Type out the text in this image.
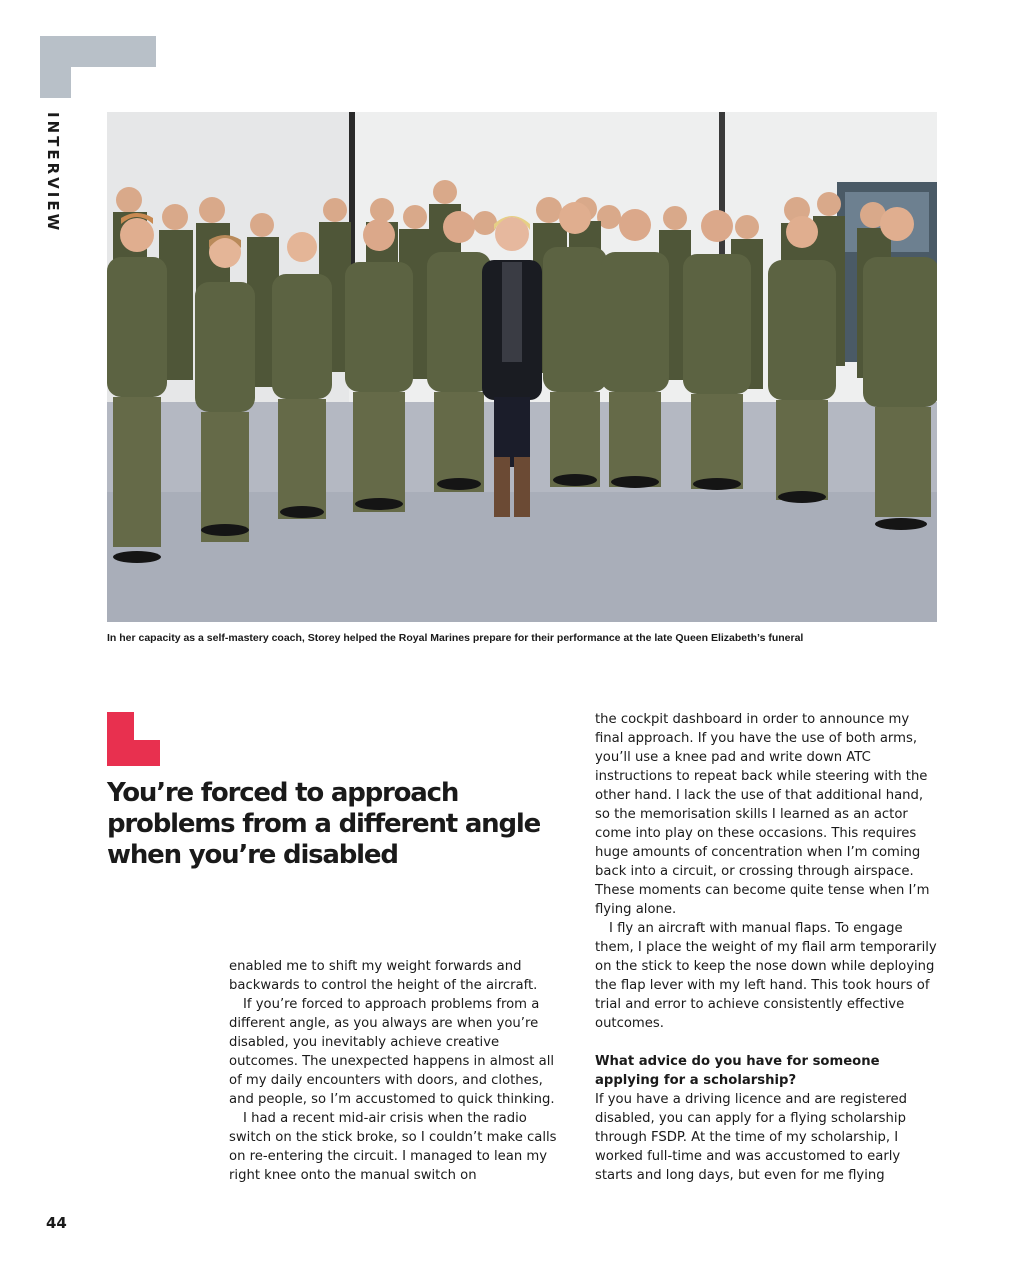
INTERVIEW
In her capacity as a self-mastery coach, Storey helped the Royal Marines prepare for their performance at the late Queen Elizabeth’s funeral
You’re forced to approach problems from a different angle when you’re disabled

enabled me to shift my weight forwards and backwards to control the height of the aircraft.

If you’re forced to approach problems from a different angle, as you always are when you’re disabled, you inevitably achieve creative outcomes. The unexpected happens in almost all of my daily encounters with doors, and clothes, and people, so I’m accustomed to quick thinking.

I had a recent mid-air crisis when the radio switch on the stick broke, so I couldn’t make calls on re-entering the circuit. I managed to lean my right knee onto the manual switch on

the cockpit dashboard in order to announce my final approach. If you have the use of both arms, you’ll use a knee pad and write down ATC instructions to repeat back while steering with the other hand. I lack the use of that additional hand, so the memorisation skills I learned as an actor come into play on these occasions. This requires huge amounts of concentration when I’m coming back into a circuit, or crossing through airspace. These moments can become quite tense when I’m flying alone.

I fly an aircraft with manual flaps. To engage them, I place the weight of my flail arm temporarily on the stick to keep the nose down while deploying the flap lever with my left hand. This took hours of trial and error to achieve consistently effective outcomes.

What advice do you have for someone applying for a scholarship?

If you have a driving licence and are registered disabled, you can apply for a flying scholarship through FSDP. At the time of my scholarship, I worked full-time and was accustomed to early starts and long days, but even for me flying

44
